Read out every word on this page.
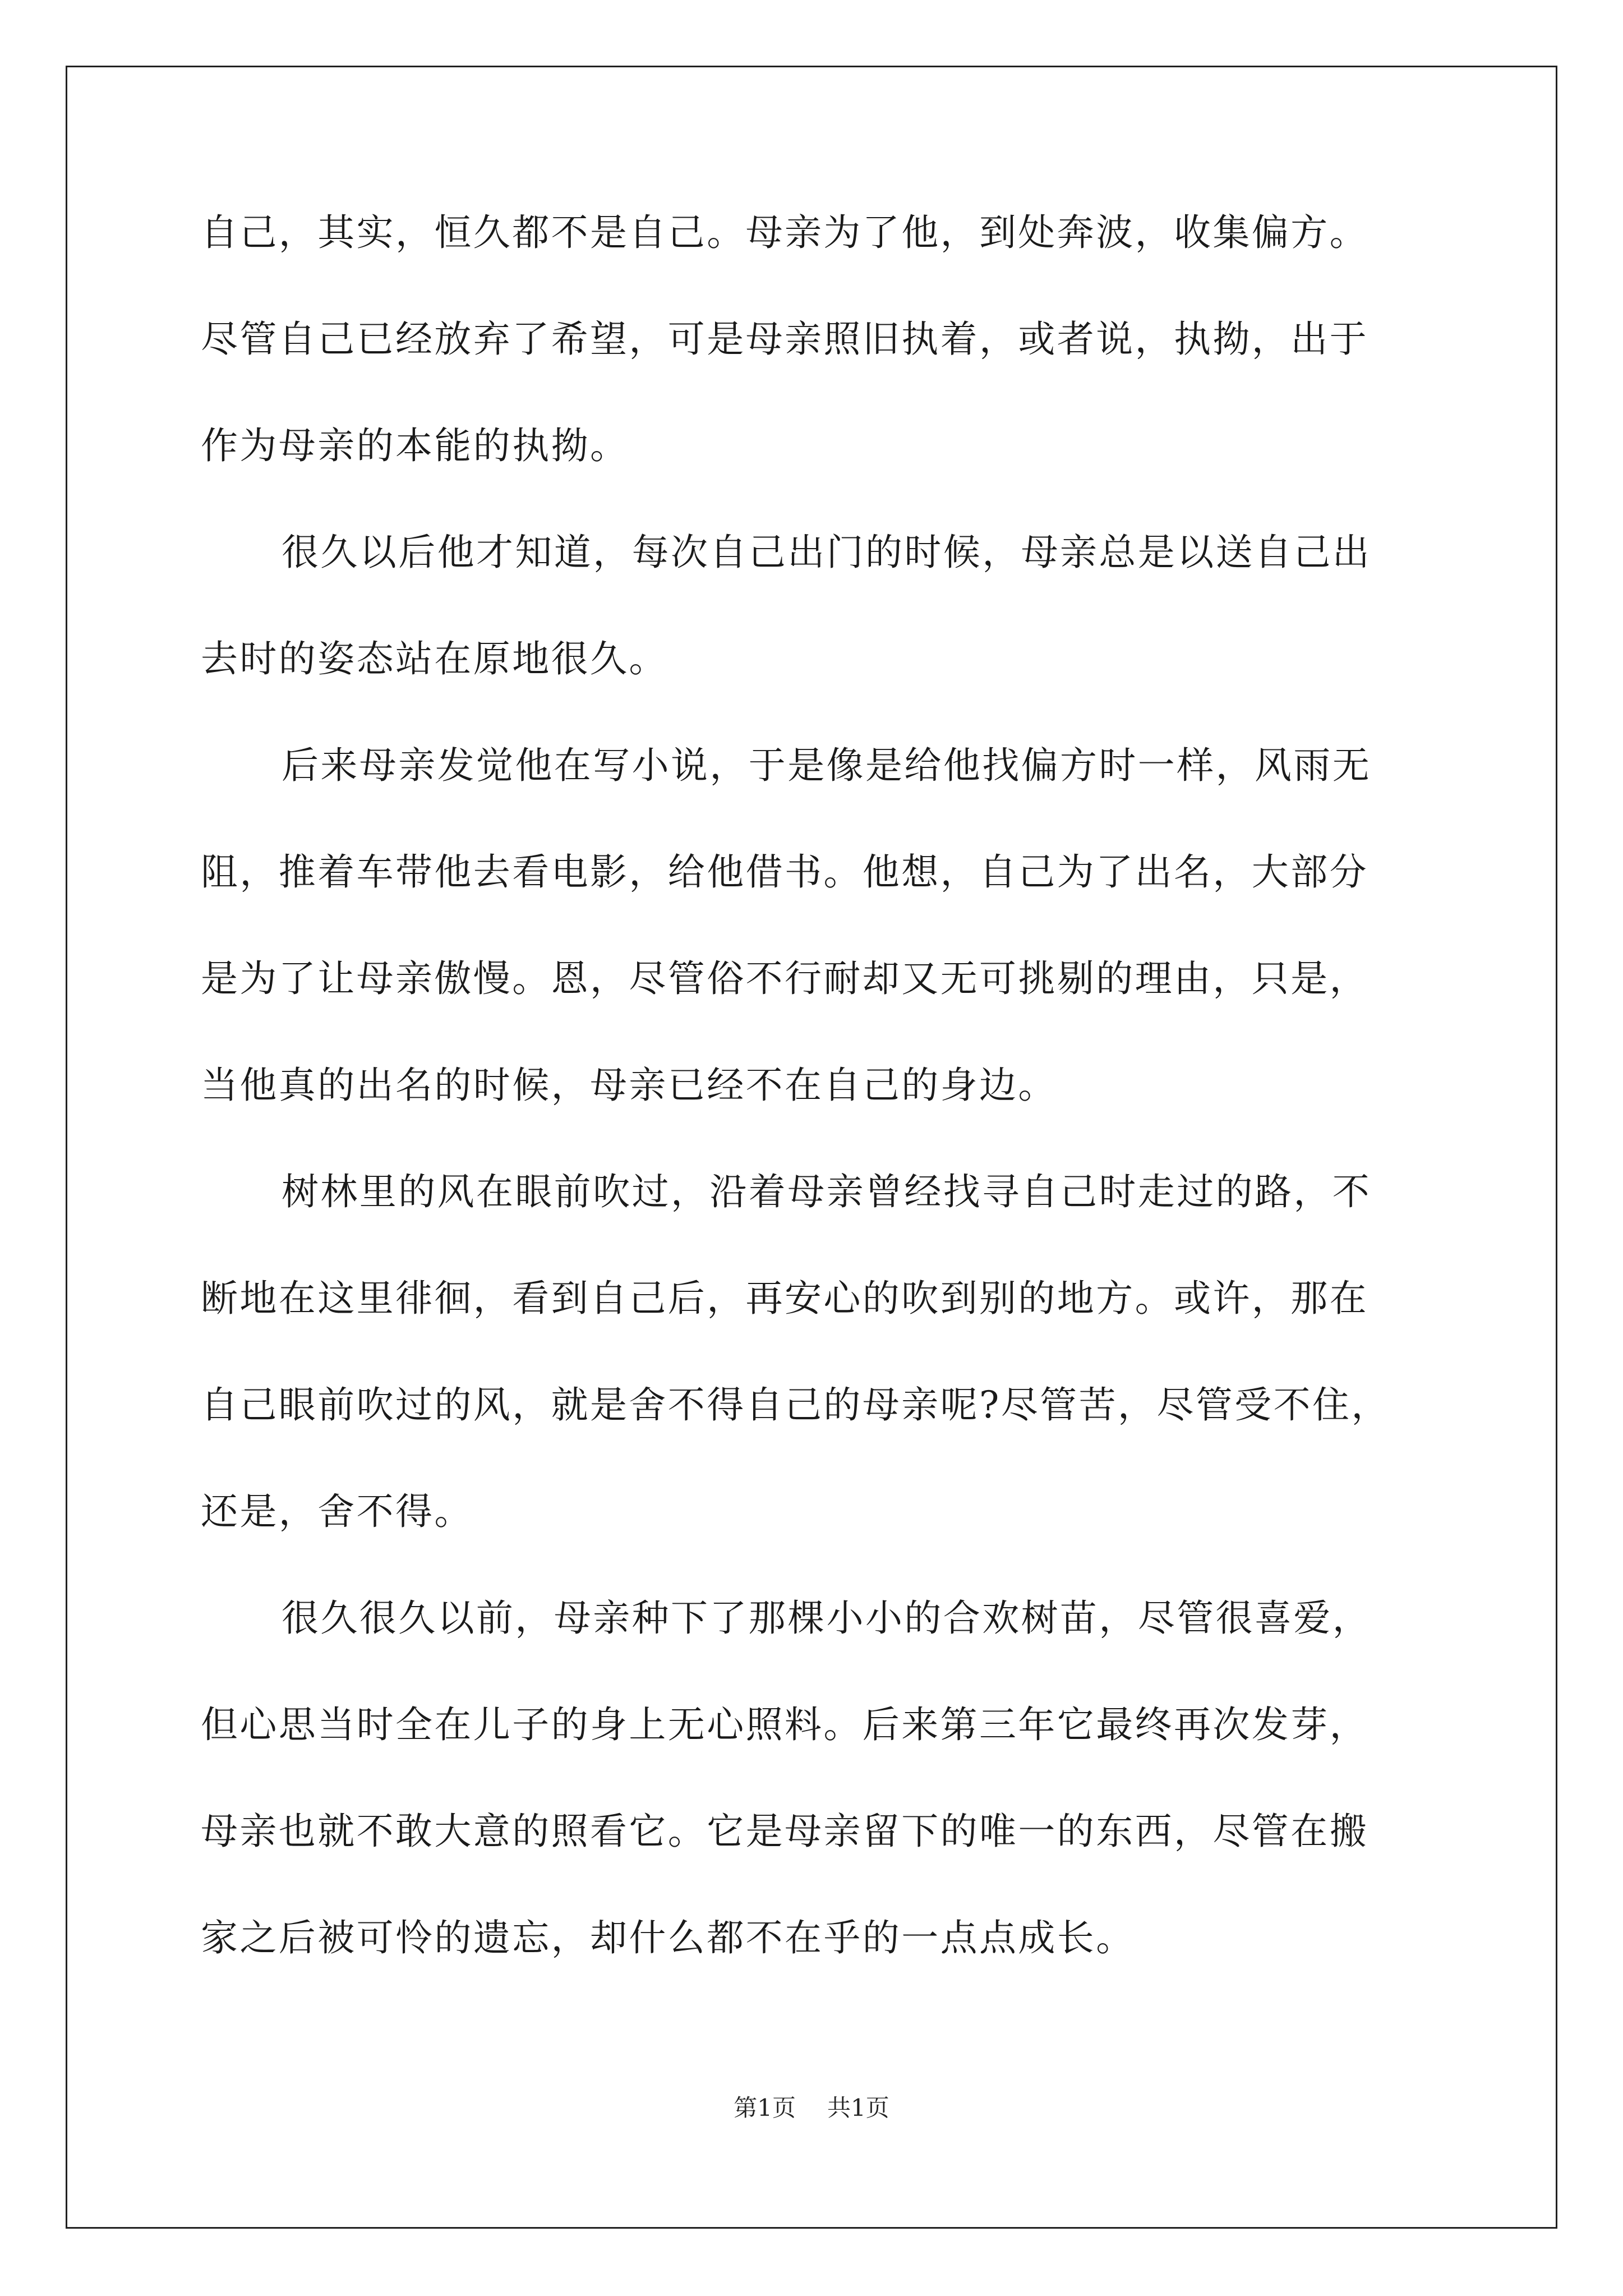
自己，其实，恒久都不是自己。母亲为了他，到处奔波，收集偏方。
尽管自己已经放弃了希望，可是母亲照旧执着，或者说，执拗，出于
作为母亲的本能的执拗。
很久以后他才知道，每次自己出门的时候，母亲总是以送自己出
去时的姿态站在原地很久。
后来母亲发觉他在写小说，于是像是给他找偏方时一样，风雨无
阻，推着车带他去看电影，给他借书。他想，自己为了出名，大部分
是为了让母亲傲慢。恩，尽管俗不行耐却又无可挑剔的理由，只是，
当他真的出名的时候，母亲已经不在自己的身边。
树林里的风在眼前吹过，沿着母亲曾经找寻自己时走过的路，不
断地在这里徘徊，看到自己后，再安心的吹到别的地方。或许，那在
自己眼前吹过的风，就是舍不得自己的母亲呢?尽管苦，尽管受不住，
还是，舍不得。
很久很久以前，母亲种下了那棵小小的合欢树苗，尽管很喜爱，
但心思当时全在儿子的身上无心照料。后来第三年它最终再次发芽，
母亲也就不敢大意的照看它。它是母亲留下的唯一的东西，尽管在搬
家之后被可怜的遗忘，却什么都不在乎的一点点成长。
第1页 共1页
